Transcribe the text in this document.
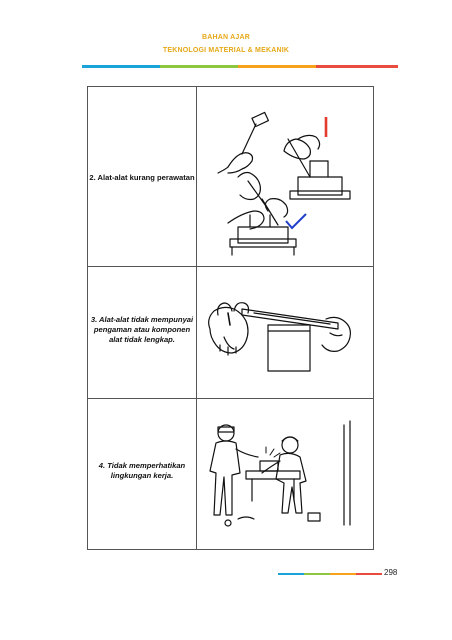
BAHAN AJAR
TEKNOLOGI MATERIAL & MEKANIK
2. Alat-alat kurang perawatan
3. Alat-alat tidak mempunyai pengaman atau komponen alat tidak lengkap.
4. Tidak memperhatikan lingkungan kerja.
298
